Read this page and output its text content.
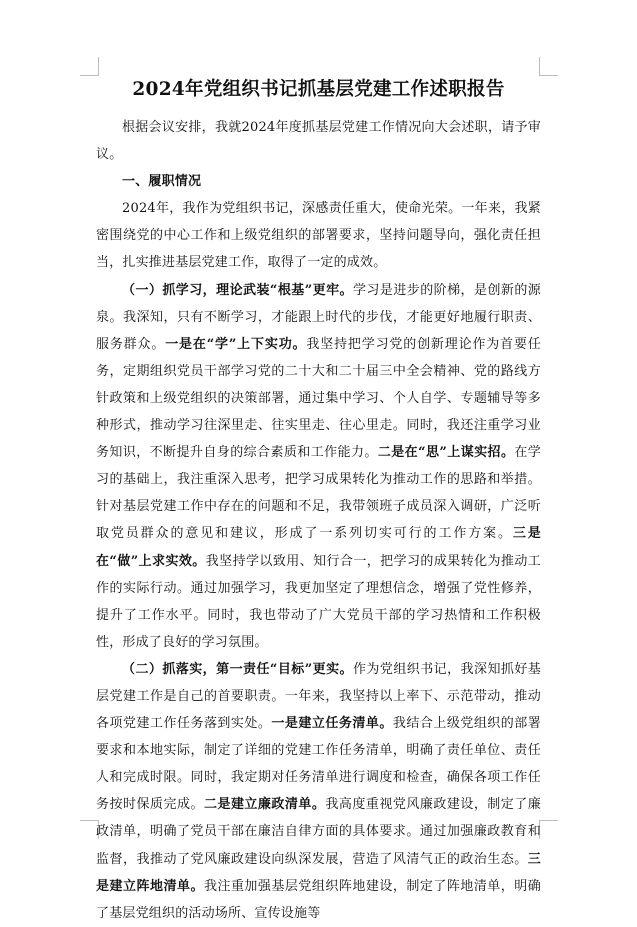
2024年党组织书记抓基层党建工作述职报告

根据会议安排，我就2024年度抓基层党建工作情况向大会述职，请予审议。

一、履职情况

2024年，我作为党组织书记，深感责任重大，使命光荣。一年来，我紧密围绕党的中心工作和上级党组织的部署要求，坚持问题导向，强化责任担当，扎实推进基层党建工作，取得了一定的成效。

（一）抓学习，理论武装“根基”更牢。学习是进步的阶梯，是创新的源泉。我深知，只有不断学习，才能跟上时代的步伐，才能更好地履行职责、服务群众。一是在“学”上下实功。我坚持把学习党的创新理论作为首要任务，定期组织党员干部学习党的二十大和二十届三中全会精神、党的路线方针政策和上级党组织的决策部署，通过集中学习、个人自学、专题辅导等多种形式，推动学习往深里走、往实里走、往心里走。同时，我还注重学习业务知识，不断提升自身的综合素质和工作能力。二是在“思”上谋实招。在学习的基础上，我注重深入思考，把学习成果转化为推动工作的思路和举措。针对基层党建工作中存在的问题和不足，我带领班子成员深入调研，广泛听取党员群众的意见和建议，形成了一系列切实可行的工作方案。三是在“做”上求实效。我坚持学以致用、知行合一，把学习的成果转化为推动工作的实际行动。通过加强学习，我更加坚定了理想信念，增强了党性修养，提升了工作水平。同时，我也带动了广大党员干部的学习热情和工作积极性，形成了良好的学习氛围。

（二）抓落实，第一责任“目标”更实。作为党组织书记，我深知抓好基层党建工作是自己的首要职责。一年来，我坚持以上率下、示范带动，推动各项党建工作任务落到实处。一是建立任务清单。我结合上级党组织的部署要求和本地实际，制定了详细的党建工作任务清单，明确了责任单位、责任人和完成时限。同时，我定期对任务清单进行调度和检查，确保各项工作任务按时保质完成。二是建立廉政清单。我高度重视党风廉政建设，制定了廉政清单，明确了党员干部在廉洁自律方面的具体要求。通过加强廉政教育和监督，我推动了党风廉政建设向纵深发展，营造了风清气正的政治生态。三是建立阵地清单。我注重加强基层党组织阵地建设，制定了阵地清单，明确了基层党组织的活动场所、宣传设施等
